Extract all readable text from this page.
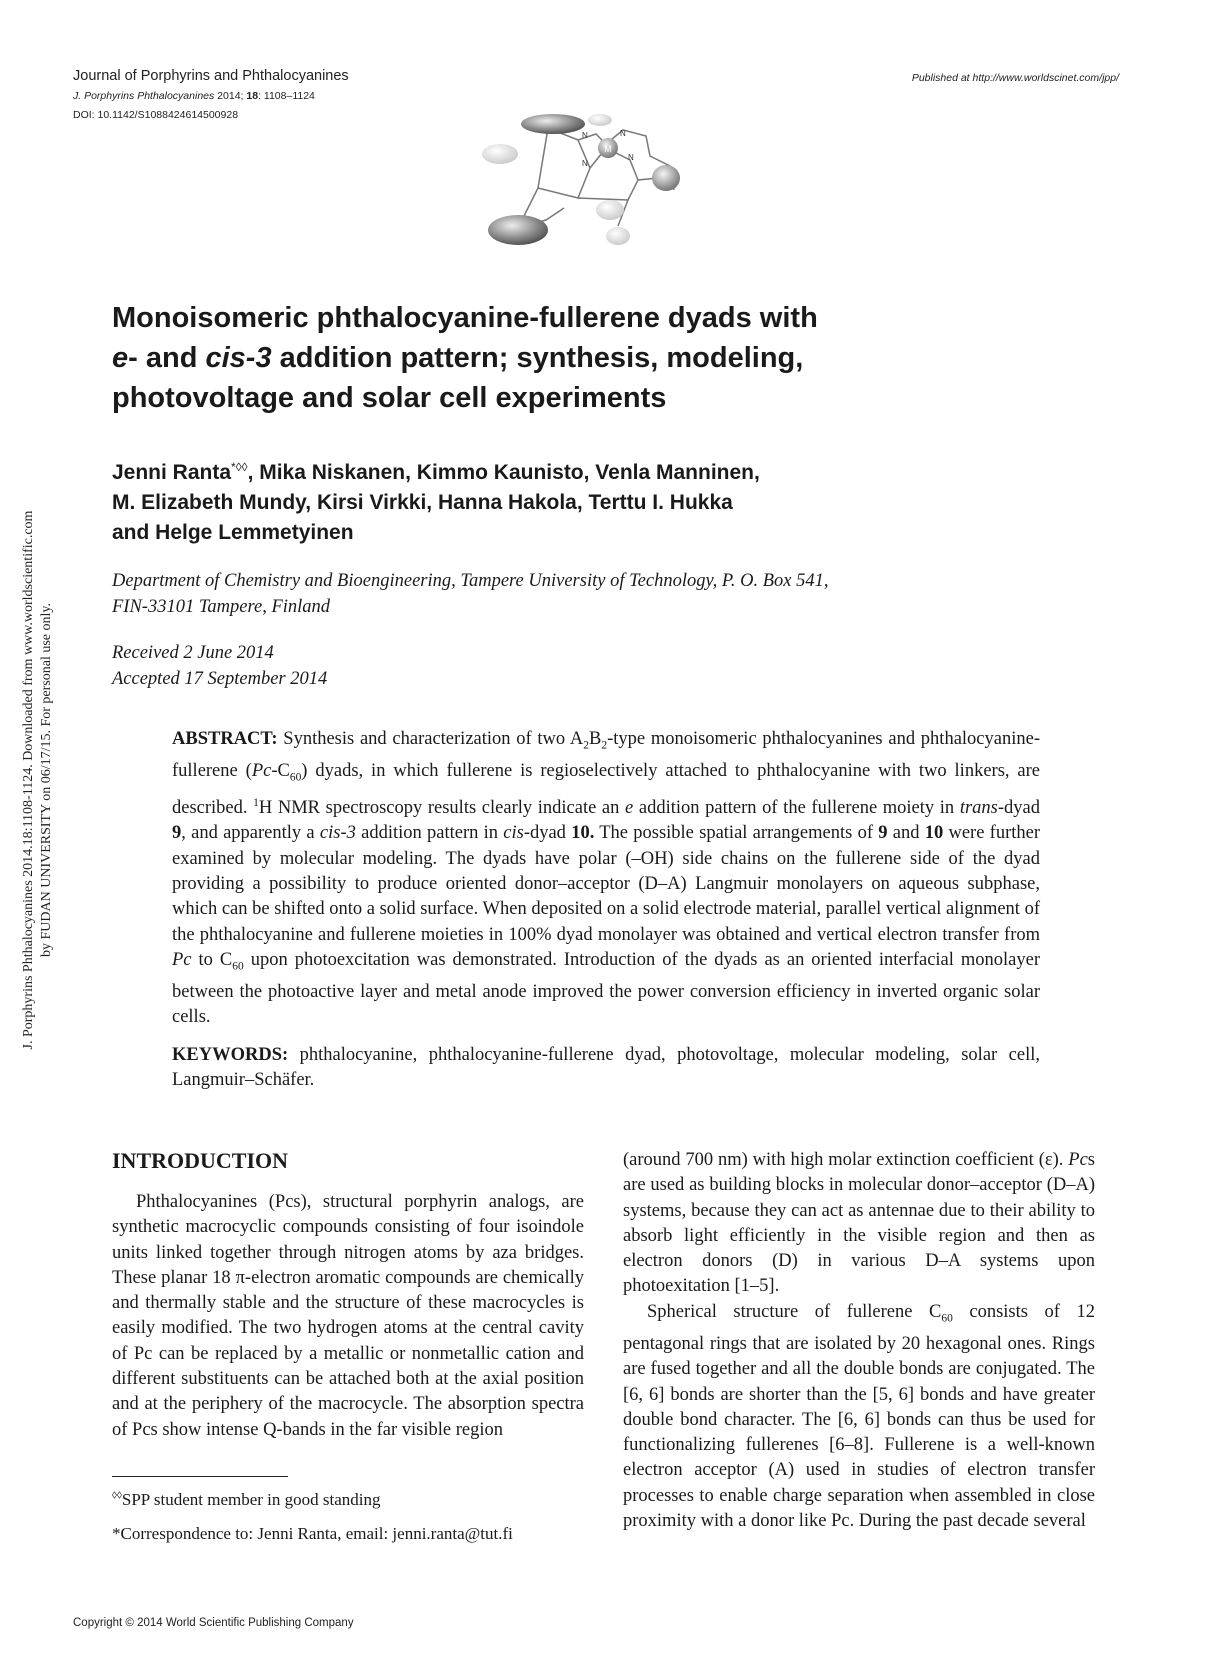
Journal of Porphyrins and Phthalocyanines
J. Porphyrins Phthalocyanines 2014; 18: 1108–1124
DOI: 10.1142/S1088424614500928
Published at http://www.worldscinet.com/jpp/
M
N	N
N
N
Monoisomeric phthalocyanine-fullerene dyads with
e- and cis-3 addition pattern; synthesis, modeling,
photovoltage and solar cell experiments

Jenni Ranta*◊◊, Mika Niskanen, Kimmo Kaunisto, Venla Manninen,
M. Elizabeth Mundy, Kirsi Virkki, Hanna Hakola, Terttu I. Hukka
and Helge Lemmetyinen

Department of Chemistry and Bioengineering, Tampere University of Technology, P. O. Box 541,
FIN-33101 Tampere, Finland
Received 2 June 2014
Accepted 17 September 2014
J. Porphyrins Phthalocyanines 2014.18:1108-1124. Downloaded from www.worldscientific.com by FUDAN UNIVERSITY on 06/17/15. For personal use only.	ABSTRACT: Synthesis and characterization of two $A_2B_2$-type monoisomeric phthalocyanines and phthalocyanine-fullerene $(Pc-C_{60})$ dyads, in which fullerene is regioselectively attached to phthalocyanine with two linkers, are described. $^1$H NMR spectroscopy results clearly indicate an e addition pattern of the fullerene moiety in trans-dyad 9, and apparently a cis-3 addition pattern in cis-dyad 10. The possible spatial arrangements of 9 and 10 were further examined by molecular modeling. The dyads have polar (–OH) side chains on the fullerene side of the dyad providing a possibility to produce oriented donor–acceptor (D–A) Langmuir monolayers on aqueous subphase, which can be shifted onto a solid surface. When deposited on a solid electrode material, parallel vertical alignment of the phthalocyanine and fullerene moieties in 100% dyad monolayer was obtained and vertical electron transfer from Pc to $C_{60}$ upon photoexcitation was demonstrated. Introduction of the dyads as an oriented interfacial monolayer between the photoactive layer and metal anode improved the power conversion efficiency in inverted organic solar cells.

KEYWORDS: phthalocyanine, phthalocyanine-fullerene dyad, photovoltage, molecular modeling, solar cell, Langmuir–Schäfer.

INTRODUCTION

Phthalocyanines (Pcs), structural porphyrin analogs, are synthetic macrocyclic compounds consisting of four isoindole units linked together through nitrogen atoms by aza bridges. These planar 18 π-electron aromatic compounds are chemically and thermally stable and the structure of these macrocycles is easily modified. The two hydrogen atoms at the central cavity of Pc can be replaced by a metallic or nonmetallic cation and different substituents can be attached both at the axial position and at the periphery of the macrocycle. The absorption spectra of Pcs show intense Q-bands in the far visible region

(around 700 nm) with high molar extinction coefficient (ε). Pcs are used as building blocks in molecular donor–acceptor (D–A) systems, because they can act as antennae due to their ability to absorb light efficiently in the visible region and then as electron donors (D) in various D–A systems upon photoexitation [1–5].

Spherical structure of fullerene $C_{60}$ consists of 12 pentagonal rings that are isolated by 20 hexagonal ones. Rings are fused together and all the double bonds are conjugated. The [6, 6] bonds are shorter than the [5, 6] bonds and have greater double bond character. The [6, 6] bonds can thus be used for functionalizing fullerenes [6–8]. Fullerene is a well-known electron acceptor (A) used in studies of electron transfer processes to enable charge separation when assembled in close proximity with a donor like Pc. During the past decade several

◊◊SPP student member in good standing
*Correspondence to: Jenni Ranta, email: jenni.ranta@tut.fi
Copyright © 2014 World Scientific Publishing Company
